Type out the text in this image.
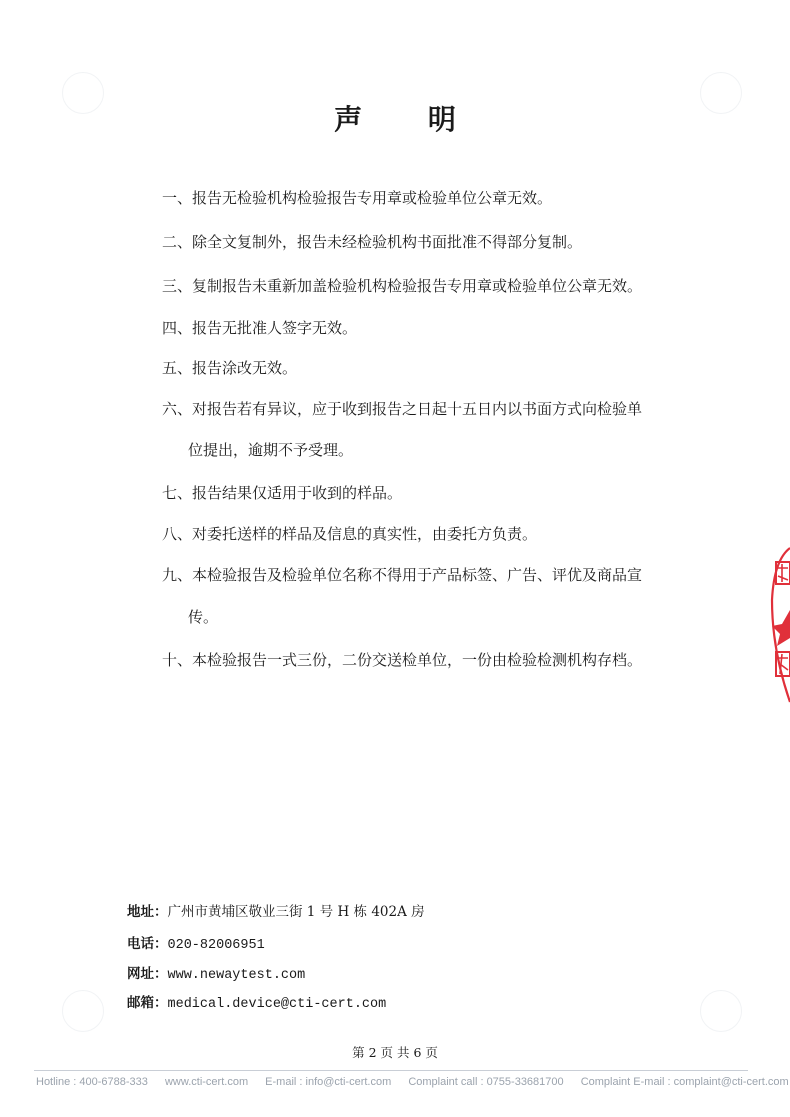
声 明
一、报告无检验机构检验报告专用章或检验单位公章无效。
二、除全文复制外，报告未经检验机构书面批准不得部分复制。
三、复制报告未重新加盖检验机构检验报告专用章或检验单位公章无效。
四、报告无批准人签字无效。
五、报告涂改无效。
六、对报告若有异议，应于收到报告之日起十五日内以书面方式向检验单
位提出，逾期不予受理。
七、报告结果仅适用于收到的样品。
八、对委托送样的样品及信息的真实性，由委托方负责。
九、本检验报告及检验单位名称不得用于产品标签、广告、评优及商品宣
传。
十、本检验报告一式三份，二份交送检单位，一份由检验检测机构存档。
地址：广州市黄埔区敬业三街 1 号 H 栋 402A 房
电话：020-82006951
网址：www.newaytest.com
邮箱：medical.device@cti-cert.com
第 2 页 共 6 页
Hotline : 400-6788-333 www.cti-cert.com E-mail : info@cti-cert.com Complaint call : 0755-33681700 Complaint E-mail : complaint@cti-cert.com
